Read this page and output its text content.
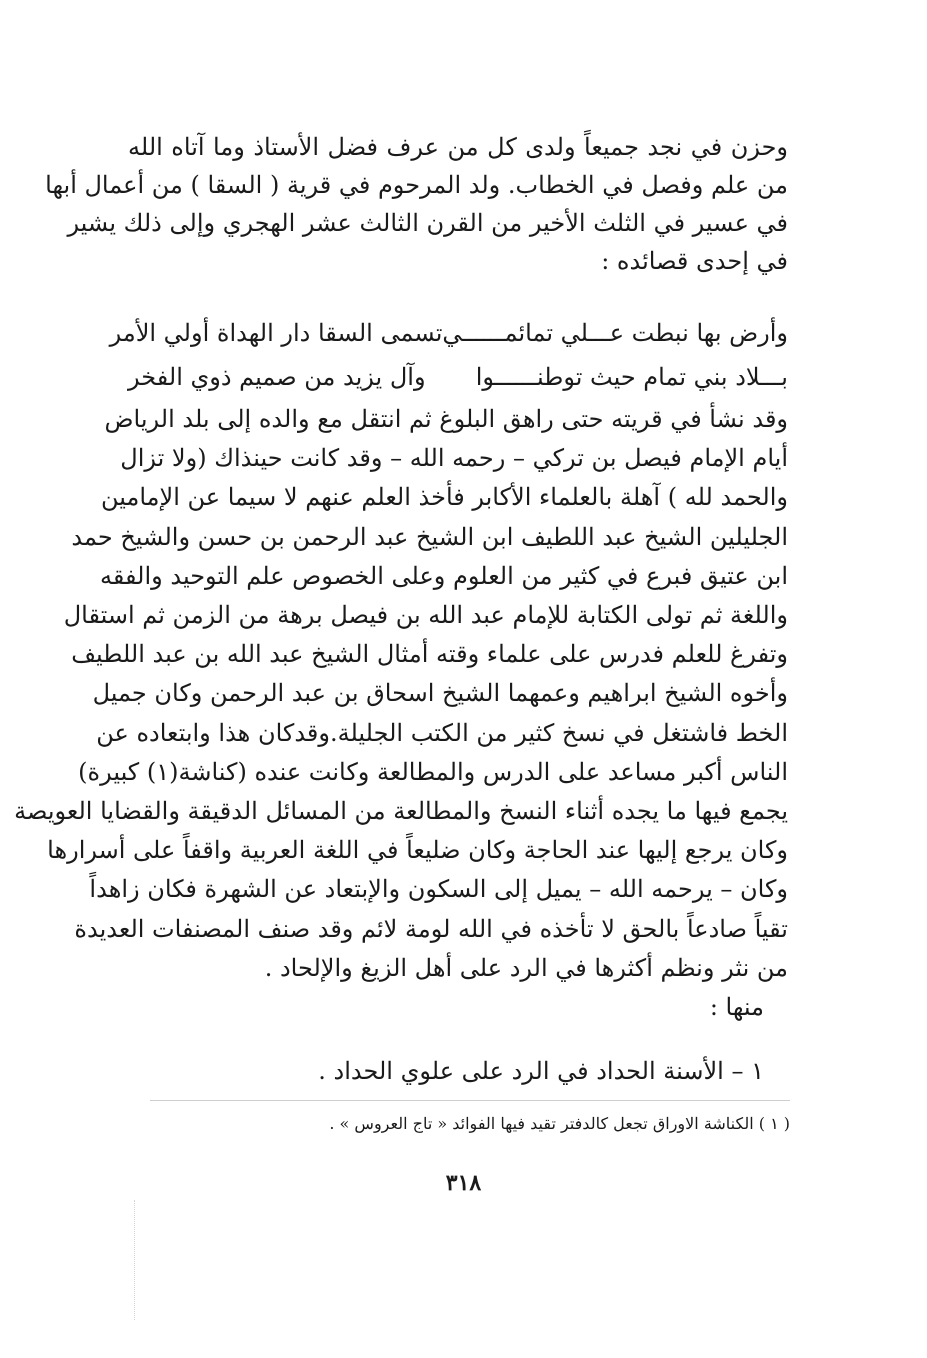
وحزن في نجد جميعاً ولدى كل من عرف فضل الأستاذ وما آتاه الله
من علم وفصل في الخطاب. ولد المرحوم في قرية ( السقا ) من أعمال أبها
في عسير في الثلث الأخير من القرن الثالث عشر الهجري وإلى ذلك يشير
في إحدى قصائده :
وأرض بها نبطت عـــلي تمائمــــــي
تسمى السقا دار الهداة أولي الأمر
بـــلاد بني تمام حيث توطنــــــوا
وآل يزيد من صميم ذوي الفخر
وقد نشأ في قريته حتى راهق البلوغ ثم انتقل مع والده إلى بلد الرياض
أيام الإمام فيصل بن تركي – رحمه الله – وقد كانت حينذاك (ولا تزال
والحمد لله ) آهلة بالعلماء الأكابر فأخذ العلم عنهم لا سيما عن الإمامين
الجليلين الشيخ عبد اللطيف ابن الشيخ عبد الرحمن بن حسن والشيخ حمد
ابن عتيق فبرع في كثير من العلوم وعلى الخصوص علم التوحيد والفقه
واللغة ثم تولى الكتابة للإمام عبد الله بن فيصل برهة من الزمن ثم استقال
وتفرغ للعلم فدرس على علماء وقته أمثال الشيخ عبد الله بن عبد اللطيف
وأخوه الشيخ ابراهيم وعمهما الشيخ اسحاق بن عبد الرحمن وكان جميل
الخط فاشتغل في نسخ كثير من الكتب الجليلة.وقدكان هذا وابتعاده عن
الناس أكبر مساعد على الدرس والمطالعة وكانت عنده (كناشة(١) كبيرة)
يجمع فيها ما يجده أثناء النسخ والمطالعة من المسائل الدقيقة والقضايا العويصة
وكان يرجع إليها عند الحاجة وكان ضليعاً في اللغة العربية واقفاً على أسرارها
وكان – يرحمه الله – يميل إلى السكون والإبتعاد عن الشهرة فكان زاهداً
تقياً صادعاً بالحق لا تأخذه في الله لومة لائم وقد صنف المصنفات العديدة
من نثر ونظم أكثرها في الرد على أهل الزيغ والإلحاد .
منها :
١ – الأسنة الحداد في الرد على علوي الحداد .
( ١ ) الكناشة الاوراق تجعل كالدفتر تقيد فيها الفوائد « تاج العروس » .
٣١٨
